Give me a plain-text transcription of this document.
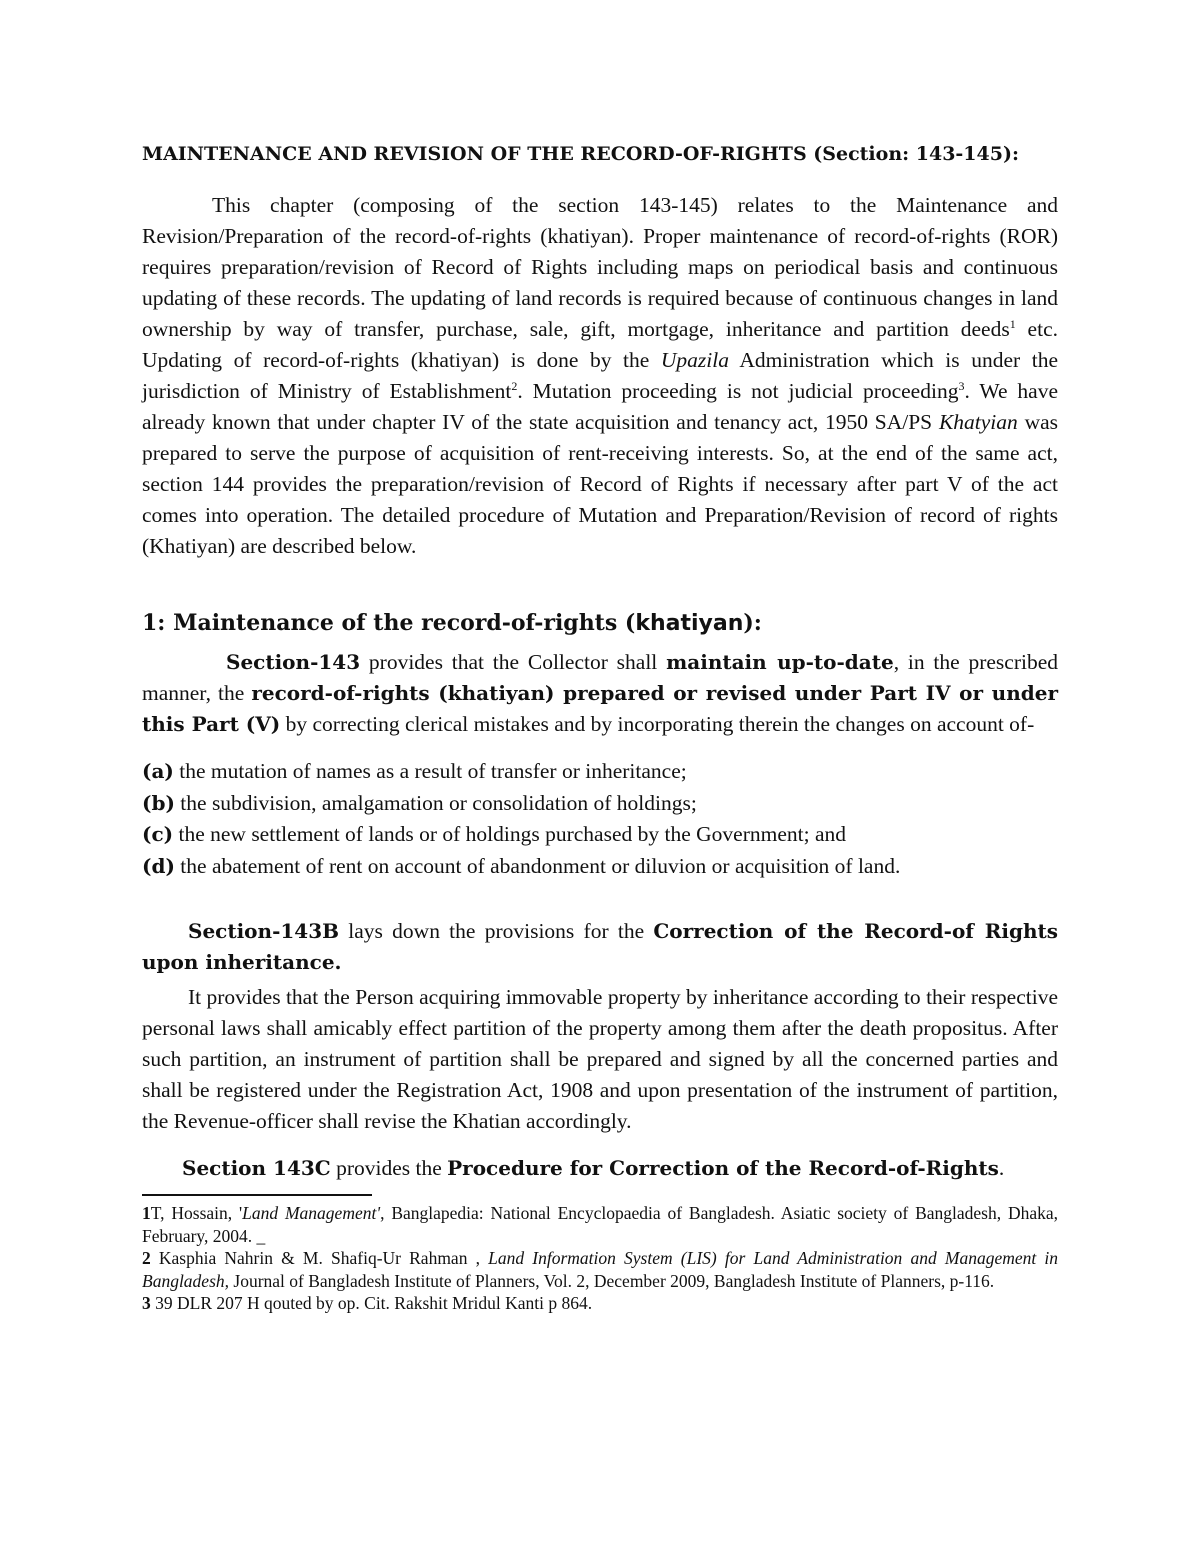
MAINTENANCE AND REVISION OF THE RECORD-OF-RIGHTS (Section: 143-145):

This chapter (composing of the section 143-145) relates to the Maintenance and Revision/Preparation of the record-of-rights (khatiyan). Proper maintenance of record-of-rights (ROR) requires preparation/revision of Record of Rights including maps on periodical basis and continuous updating of these records. The updating of land records is required because of continuous changes in land ownership by way of transfer, purchase, sale, gift, mortgage, inheritance and partition deeds$^1$ etc. Updating of record-of-rights (khatiyan) is done by the Upazila Administration which is under the jurisdiction of Ministry of Establishment$^2$. Mutation proceeding is not judicial proceeding$^3$. We have already known that under chapter IV of the state acquisition and tenancy act, 1950 SA/PS Khatyian was prepared to serve the purpose of acquisition of rent-receiving interests. So, at the end of the same act, section 144 provides the preparation/revision of Record of Rights if necessary after part V of the act comes into operation. The detailed procedure of Mutation and Preparation/Revision of record of rights (Khatiyan) are described below.

1: Maintenance of the record-of-rights (khatiyan):

Section-143 provides that the Collector shall maintain up-to-date, in the prescribed manner, the record-of-rights (khatiyan) prepared or revised under Part IV or under this Part (V) by correcting clerical mistakes and by incorporating therein the changes on account of-

(a) the mutation of names as a result of transfer or inheritance;

(b) the subdivision, amalgamation or consolidation of holdings;

(c) the new settlement of lands or of holdings purchased by the Government; and

(d) the abatement of rent on account of abandonment or diluvion or acquisition of land.

Section-143B lays down the provisions for the Correction of the Record-of Rights upon inheritance.

It provides that the Person acquiring immovable property by inheritance according to their respective personal laws shall amicably effect partition of the property among them after the death propositus. After such partition, an instrument of partition shall be prepared and signed by all the concerned parties and shall be registered under the Registration Act, 1908 and upon presentation of the instrument of partition, the Revenue-officer shall revise the Khatian accordingly.

Section 143C provides the Procedure for Correction of the Record-of-Rights.

1T, Hossain, 'Land Management', Banglapedia: National Encyclopaedia of Bangladesh. Asiatic society of Bangladesh, Dhaka, February, 2004. _

2 Kasphia Nahrin & M. Shafiq-Ur Rahman , Land Information System (LIS) for Land Administration and Management in Bangladesh, Journal of Bangladesh Institute of Planners, Vol. 2, December 2009, Bangladesh Institute of Planners, p-116.

3 39 DLR 207 H qouted by op. Cit. Rakshit Mridul Kanti p 864.
